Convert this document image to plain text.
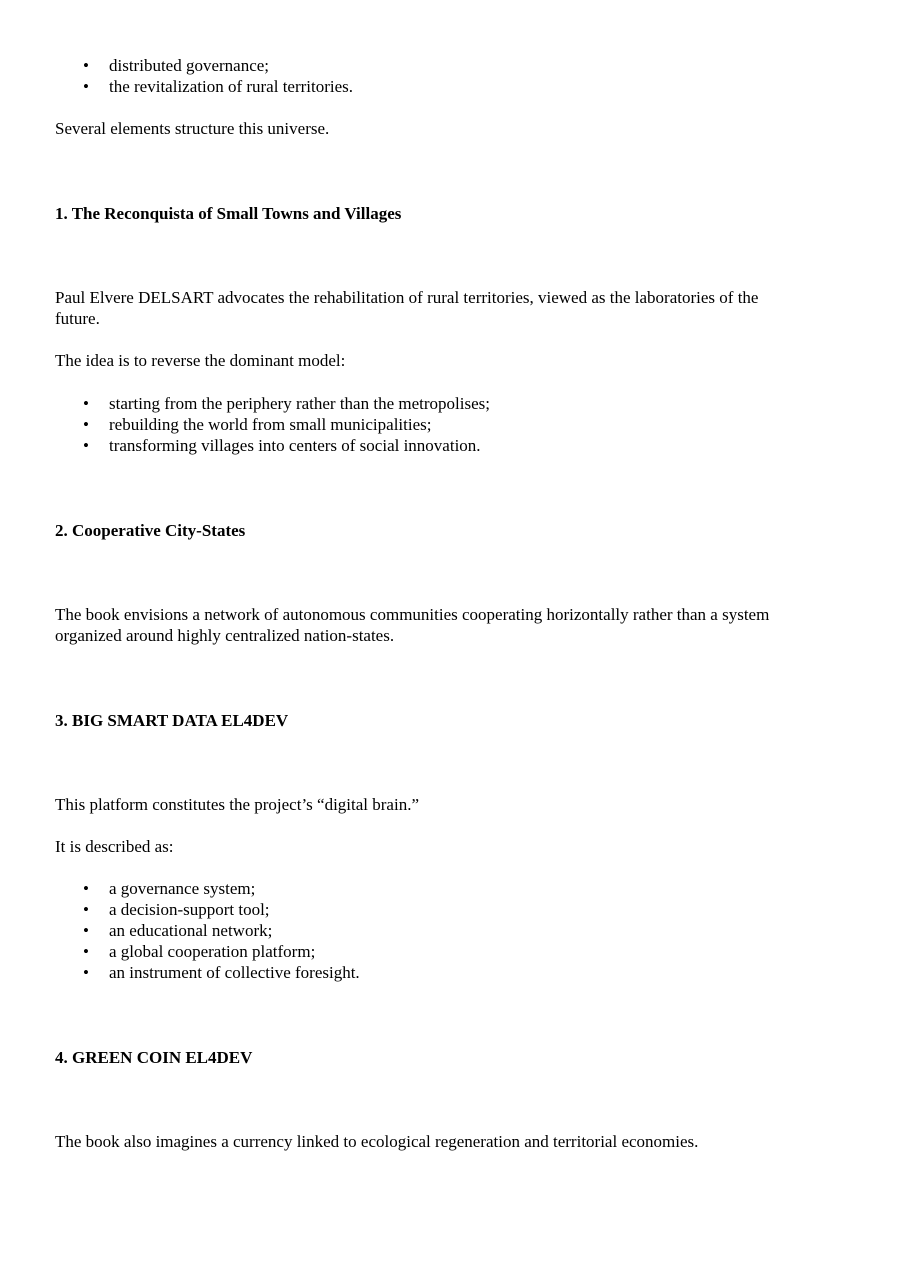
• distributed governance;
• the revitalization of rural territories.
Several elements structure this universe.
1. The Reconquista of Small Towns and Villages
Paul Elvere DELSART advocates the rehabilitation of rural territories, viewed as the laboratories of the
future.
The idea is to reverse the dominant model:
• starting from the periphery rather than the metropolises;
• rebuilding the world from small municipalities;
• transforming villages into centers of social innovation.
2. Cooperative City-States
The book envisions a network of autonomous communities cooperating horizontally rather than a system
organized around highly centralized nation-states.
3. BIG SMART DATA EL4DEV
This platform constitutes the project’s “digital brain.”
It is described as:
• a governance system;
• a decision-support tool;
• an educational network;
• a global cooperation platform;
• an instrument of collective foresight.
4. GREEN COIN EL4DEV
The book also imagines a currency linked to ecological regeneration and territorial economies.
